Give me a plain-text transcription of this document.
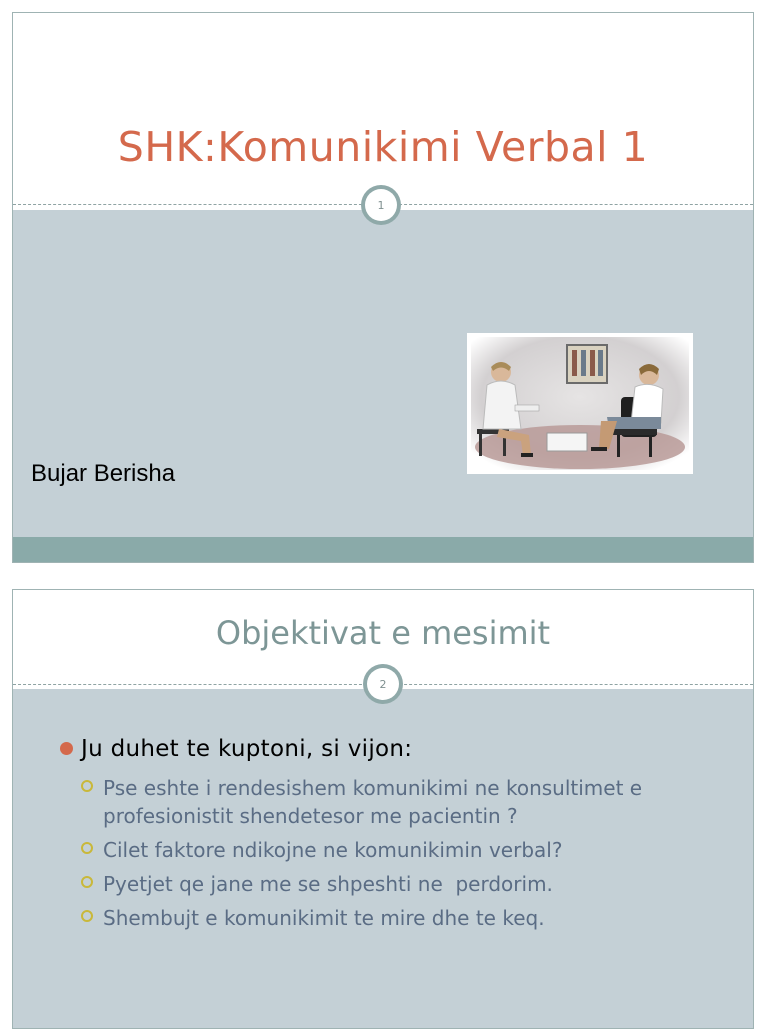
SHK:Komunikimi Verbal 1
1
Bujar Berisha
Objektivat e mesimit
2
Ju duhet te kuptoni, si vijon:
Pse eshte i rendesishem komunikimi ne konsultimet e profesionistit shendetesor me pacientin ?
Cilet faktore ndikojne ne komunikimin verbal?
Pyetjet qe jane me se shpeshti ne  perdorim.
Shembujt e komunikimit te mire dhe te keq.
